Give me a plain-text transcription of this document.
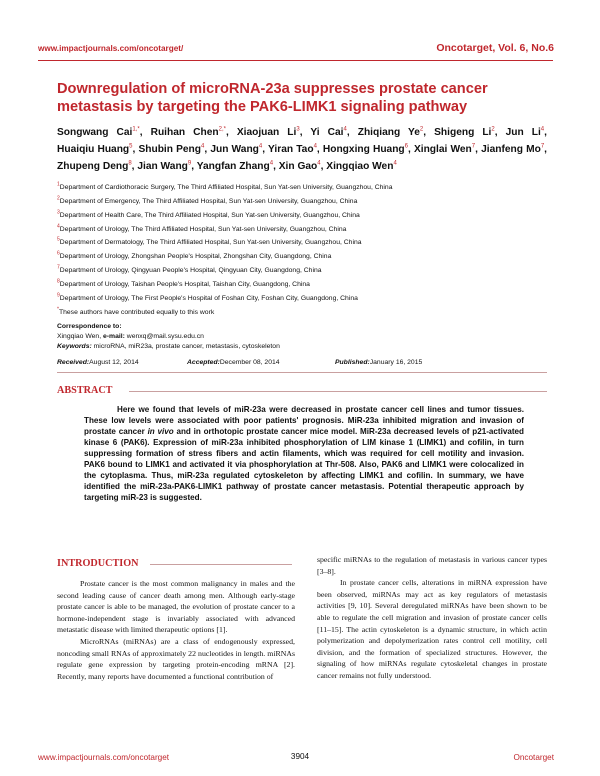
www.impactjournals.com/oncotarget/	Oncotarget, Vol. 6, No.6
Downregulation of microRNA-23a suppresses prostate cancer metastasis by targeting the PAK6-LIMK1 signaling pathway
Songwang Cai$^{1,*}$, Ruihan Chen$^{2,*}$, Xiaojuan Li$^3$, Yi Cai$^4$, Zhiqiang Ye$^2$, Shigeng Li$^2$, Jun Li$^4$, Huaiqiu Huang$^5$, Shubin Peng$^4$, Jun Wang$^4$, Yiran Tao$^4$, Hongxing Huang$^6$, Xinglai Wen$^7$, Jianfeng Mo$^7$, Zhupeng Deng$^8$, Jian Wang$^9$, Yangfan Zhang$^4$, Xin Gao$^4$, Xingqiao Wen$^4$
$^1$Department of Cardiothoracic Surgery, The Third Affiliated Hospital, Sun Yat-sen University, Guangzhou, China
$^2$Department of Emergency, The Third Affiliated Hospital, Sun Yat-sen University, Guangzhou, China
$^3$Department of Health Care, The Third Affiliated Hospital, Sun Yat-sen University, Guangzhou, China
$^4$Department of Urology, The Third Affiliated Hospital, Sun Yat-sen University, Guangzhou, China
$^5$Department of Dermatology, The Third Affiliated Hospital, Sun Yat-sen University, Guangzhou, China
$^6$Department of Urology, Zhongshan People's Hospital, Zhongshan City, Guangdong, China
$^7$Department of Urology, Qingyuan People's Hospital, Qingyuan City, Guangdong, China
$^8$Department of Urology, Taishan People's Hospital, Taishan City, Guangdong, China
$^9$Department of Urology, The First People's Hospital of Foshan City, Foshan City, Guangdong, China
*These authors have contributed equally to this work
Correspondence to:
Xingqiao Wen, e-mail: wenxq@mail.sysu.edu.cn
Keywords: microRNA, miR23a, prostate cancer, metastasis, cytoskeleton
Received: August 12, 2014	Accepted: December 08, 2014	Published: January 16, 2015
ABSTRACT
Here we found that levels of miR-23a were decreased in prostate cancer cell lines and tumor tissues. These low levels were associated with poor patients' prognosis. MiR-23a inhibited migration and invasion of prostate cancer in vivo and in orthotopic prostate cancer mice model. MiR-23a decreased levels of p21-activated kinase 6 (PAK6). Expression of miR-23a inhibited phosphorylation of LIM kinase 1 (LIMK1) and cofilin, in turn suppressing formation of stress fibers and actin filaments, which was required for cell motility and invasion. PAK6 bound to LIMK1 and activated it via phosphorylation at Thr-508. Also, PAK6 and LIMK1 were colocalized in the cytoplasma. Thus, miR-23a regulated cytoskeleton by affecting LIMK1 and cofilin. In summary, we have identified the miR-23a-PAK6-LIMK1 pathway of prostate cancer metastasis. Potential therapeutic approach by targeting miR-23 is suggested.
INTRODUCTION

Prostate cancer is the most common malignancy in males and the second leading cause of cancer death among men. Although early-stage prostate cancer is able to be managed, the evolution of prostate cancer to a hormone-independent stage is invariably associated with advanced metastatic disease with limited therapeutic options [1].

MicroRNAs (miRNAs) are a class of endogenously expressed, noncoding small RNAs of approximately 22 nucleotides in length. miRNAs regulate gene expression by targeting protein-encoding mRNA [2]. Recently, many reports have documented a functional contribution of

specific miRNAs to the regulation of metastasis in various cancer types [3–8].

In prostate cancer cells, alterations in miRNA expression have been observed, miRNAs may act as key regulators of metastasis activities [9, 10]. Several deregulated miRNAs have been shown to be able to regulate the cell migration and invasion of prostate cancer cells [11–15]. The actin cytoskeleton is a dynamic structure, in which actin polymerization and depolymerization rates control cell motility, cell division, and the formation of specialized structures. However, the signaling of how miRNAs regulate cytoskeletal changes in prostate cancer remains not fully understood.

www.impactjournals.com/oncotarget	3904	Oncotarget
